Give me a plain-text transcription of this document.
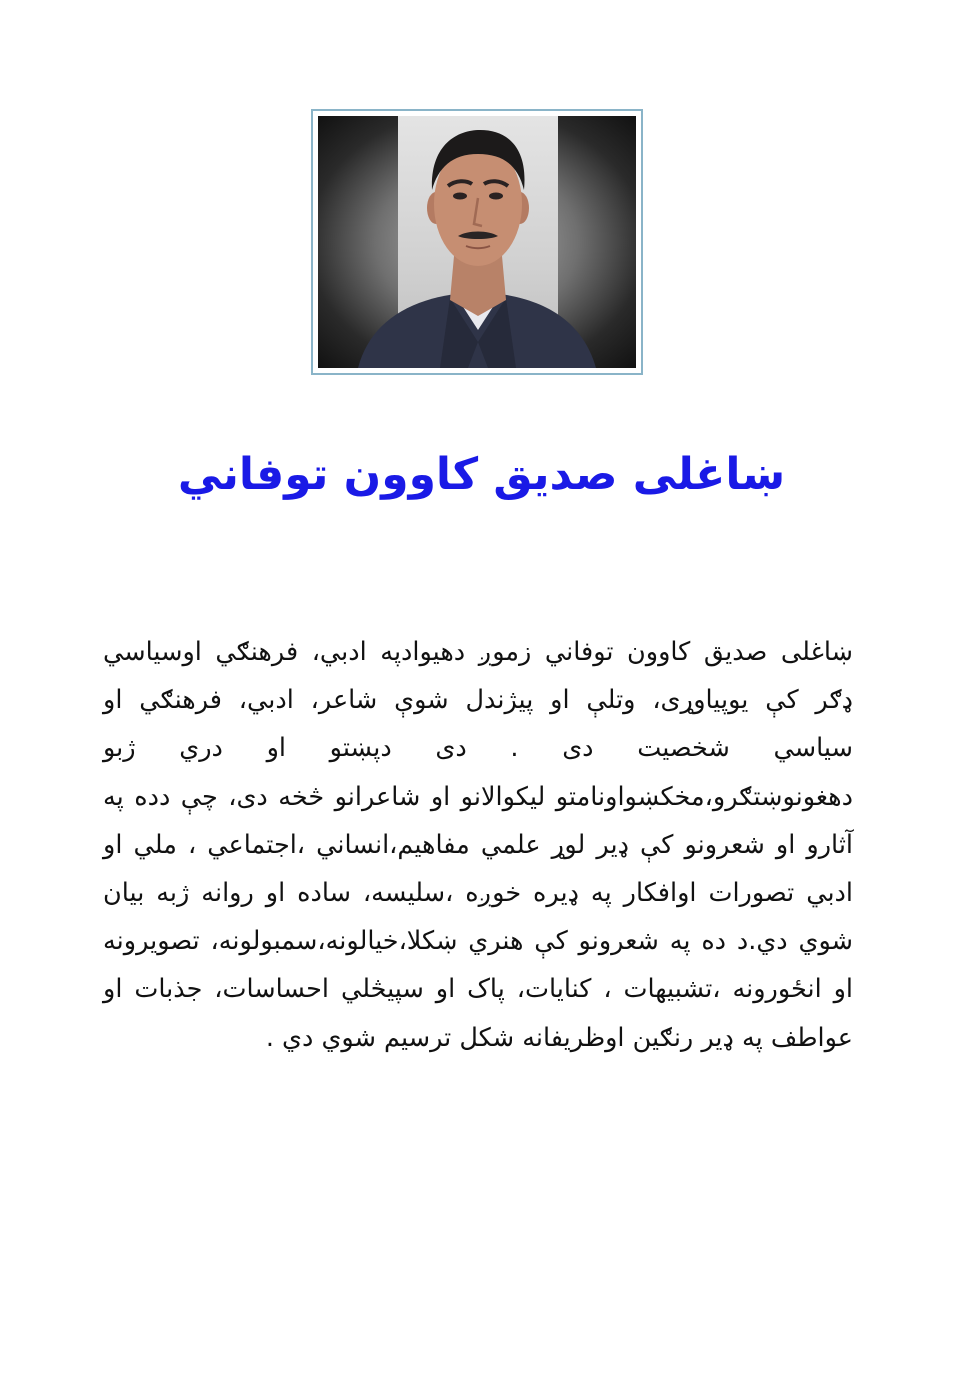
ښاغلی صديق کاوون توفاني

ښاغلی صديق کاوون توفاني زموږ دهيوادپه ادبي، فرهنګي اوسياسي ډګر کې يوپياوړی، وتلې او پيژندل شوې شاعر، ادبي، فرهنګي او سياسي شخصيت دی . دی دپښتو او دري ژبو دهغونوښتګرو،مخکښواونامتو ليکوالانو او شاعرانو څخه دی، چې دده په آثارو او شعرونو کې ډير لوړ علمي مفاهيم،انساني ،اجتماعي ، ملي او ادبي تصورات اوافکار په ډيره خوږه ،سليسه، ساده او روانه ژبه بيان شوي دي.د ده په شعرونو کې هنري ښکلا،خيالونه،سمبولونه، تصويرونه او انځورونه ،تشبيهات ، کنايات، پاک او سپيڅلي احساسات، جذبات او عواطف په ډير رنګين اوظريفانه شکل ترسيم شوي دي .
